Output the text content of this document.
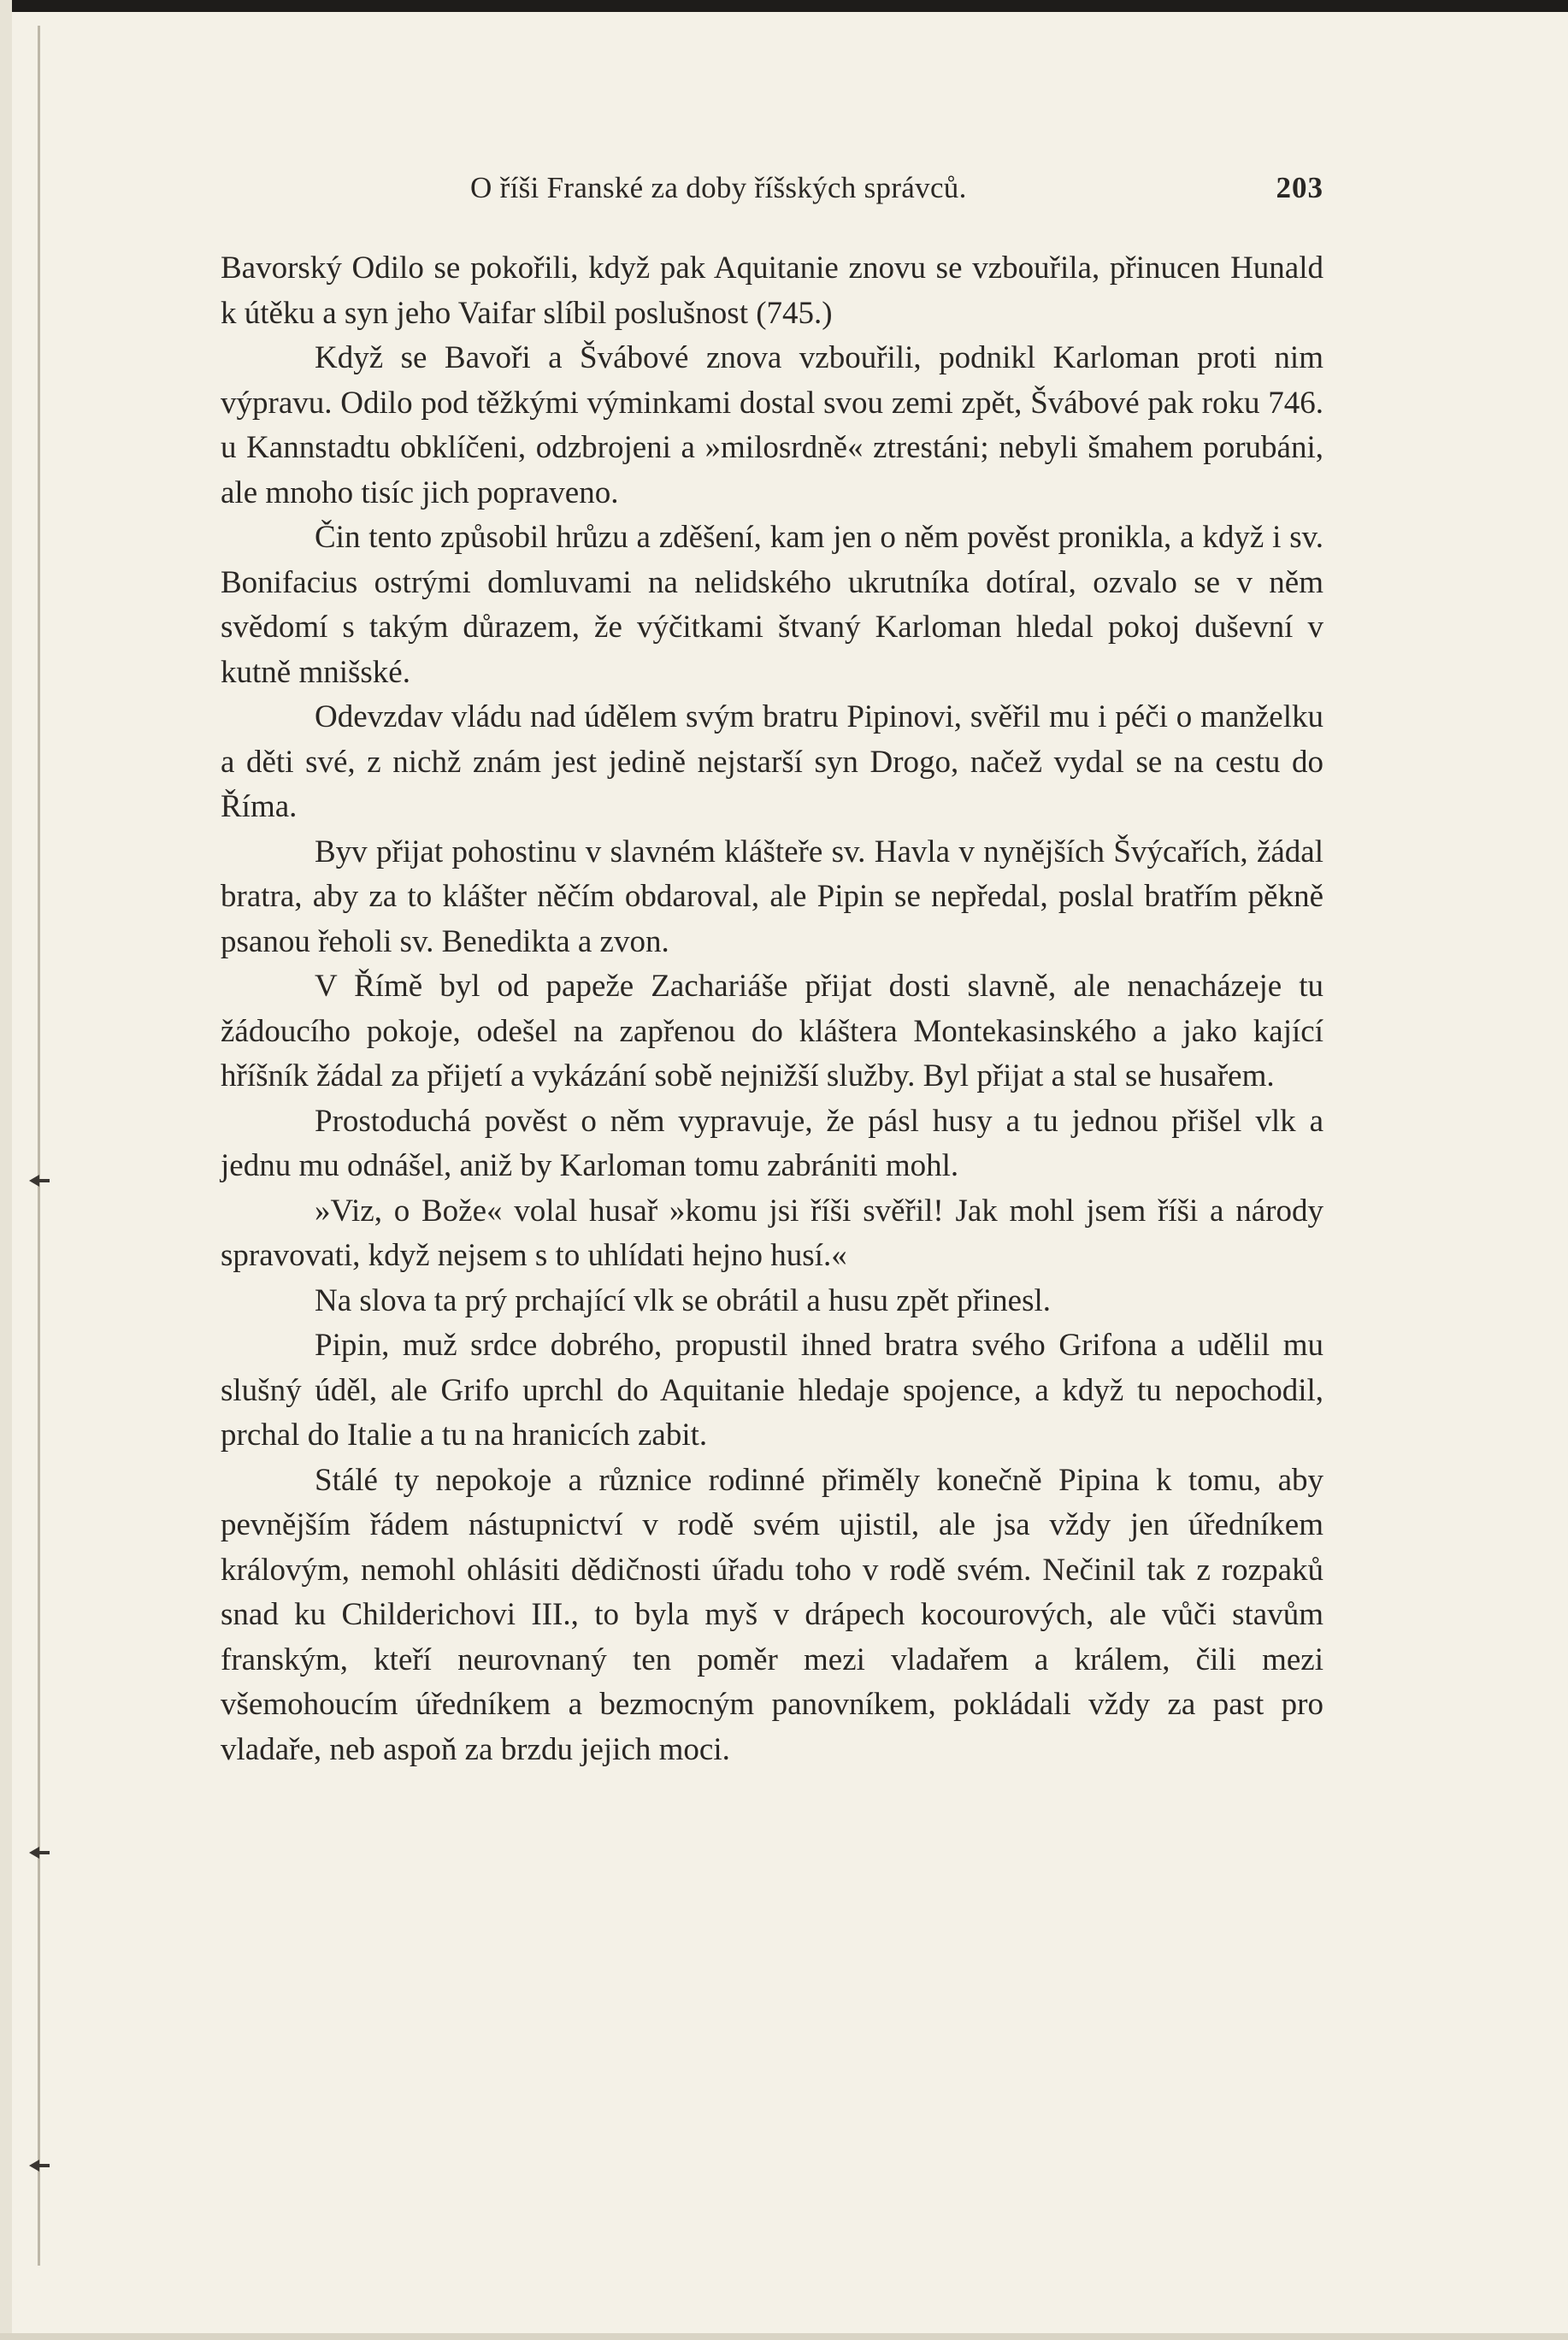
O říši Franské za doby říšských správců.	203

Bavorský Odilo se pokořili, když pak Aquitanie znovu se vzbouřila, přinucen Hunald k útěku a syn jeho Vaifar slíbil poslušnost (745.)

Když se Bavoři a Švábové znova vzbouřili, podnikl Karloman proti nim výpravu. Odilo pod těžkými výminkami dostal svou zemi zpět, Švábové pak roku 746. u Kannstadtu obklíčeni, odzbrojeni a »milosrdně« ztrestáni; nebyli šmahem porubáni, ale mnoho tisíc jich popraveno.

Čin tento způsobil hrůzu a zděšení, kam jen o něm pověst pronikla, a když i sv. Bonifacius ostrými domluvami na nelidského ukrutníka dotíral, ozvalo se v něm svědomí s takým důrazem, že výčitkami štvaný Karloman hledal pokoj duševní v kutně mnišské.

Odevzdav vládu nad údělem svým bratru Pipinovi, svěřil mu i péči o manželku a děti své, z nichž znám jest jedině nejstarší syn Drogo, načež vydal se na cestu do Říma.

Byv přijat pohostinu v slavném klášteře sv. Havla v nynějších Švýcařích, žádal bratra, aby za to klášter něčím obdaroval, ale Pipin se nepředal, poslal bratřím pěkně psanou řeholi sv. Benedikta a zvon.

V Římě byl od papeže Zachariáše přijat dosti slavně, ale nenacházeje tu žádoucího pokoje, odešel na zapřenou do kláštera Montekasinského a jako kající hříšník žádal za přijetí a vykázání sobě nejnižší služby. Byl přijat a stal se husařem.

Prostoduchá pověst o něm vypravuje, že pásl husy a tu jednou přišel vlk a jednu mu odnášel, aniž by Karloman tomu zabrániti mohl.

»Viz, o Bože« volal husař »komu jsi říši svěřil! Jak mohl jsem říši a národy spravovati, když nejsem s to uhlídati hejno husí.«

Na slova ta prý prchající vlk se obrátil a husu zpět přinesl.

Pipin, muž srdce dobrého, propustil ihned bratra svého Grifona a udělil mu slušný úděl, ale Grifo uprchl do Aquitanie hledaje spojence, a když tu nepochodil, prchal do Italie a tu na hranicích zabit.

Stálé ty nepokoje a různice rodinné přiměly konečně Pipina k tomu, aby pevnějším řádem nástupnictví v rodě svém ujistil, ale jsa vždy jen úředníkem královým, nemohl ohlásiti dědičnosti úřadu toho v rodě svém. Nečinil tak z rozpaků snad ku Childerichovi III., to byla myš v drápech kocourových, ale vůči stavům franským, kteří neurovnaný ten poměr mezi vladařem a králem, čili mezi všemohoucím úředníkem a bezmocným panovníkem, pokládali vždy za past pro vladaře, neb aspoň za brzdu jejich moci.
